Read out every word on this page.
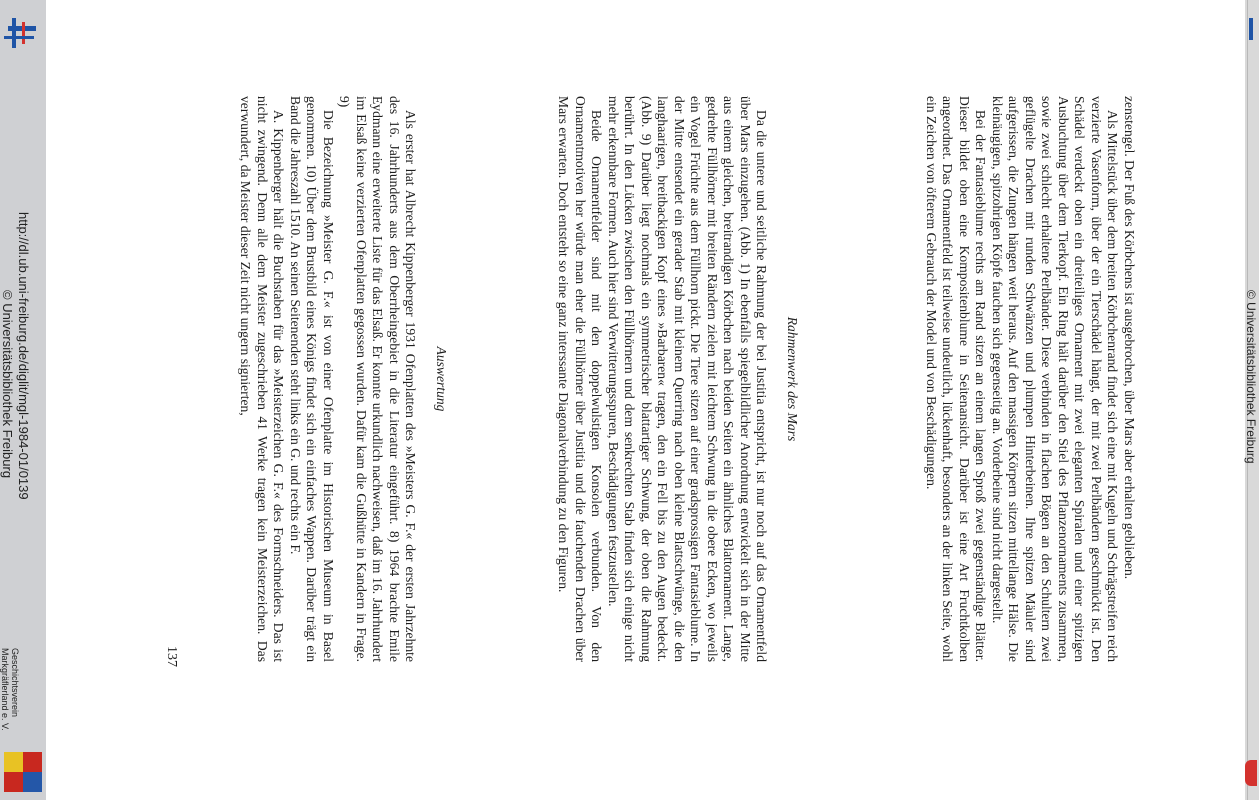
http://dl.ub.uni-freiburg.de/diglit/mgl-1984-01/0139
© Universitätsbibliothek Freiburg
Geschichtsverein
Markgräflerland e. V.

zenstengel. Der Fuß des Körbchens ist ausgebrochen, über Mars aber erhalten geblieben.

Als Mittelstück über dem breiten Körbchenrand findet sich eine mit Kugeln und Schrägstreifen reich verzierte Vasenform, über der ein Tierschädel hängt, der mit zwei Perlbändern geschmückt ist. Den Schädel verdeckt oben ein dreiteiliges Ornament mit zwei eleganten Spiralen und einer spitzigen Ausbuchtung über dem Tierkopf. Ein Ring hält darüber den Stiel des Pflanzenornaments zusammen, sowie zwei schlecht erhaltene Perlbänder. Diese verbinden in flachen Bögen an den Schultern zwei geflügelte Drachen mit runden Schwänzen und plumpen Hinterbeinen. Ihre spitzen Mäuler sind aufgerissen, die Zungen hängen weit heraus. Auf den massigen Körpern sitzen mittellange Hälse. Die kleinäugigen, spitzohrigen Köpfe fauchen sich gegenseitig an. Vorderbeine sind nicht dargestellt.

Bei der Fantasieblume rechts am Rand sitzen an einem langen Sproß zwei gegenständige Blätter. Dieser bildet oben eine Kompositenblume in Seitenansicht. Darüber ist eine Art Fruchtkolben angeordnet. Das Ornamentfeld ist teilweise undeutlich, lückenhaft, besonders an der linken Seite, wohl ein Zeichen von öfterem Gebrauch der Model und von Beschädigungen.

Rahmenwerk des Mars

Da die untere und seitliche Rahmung der bei Justitia entspricht, ist nur noch auf das Ornamentfeld über Mars einzugehen. (Abb. 1) In ebenfalls spiegelbildlicher Anordnung entwickelt sich in der Mitte aus einem gleichen, breitrandigen Körbchen nach beiden Seiten ein ähnliches Blattornament. Lange, gedrehte Füllhörner mit breiten Rändern zielen mit leichtem Schwung in die obere Ecken, wo jeweils ein Vogel Früchte aus dem Füllhorn pickt. Die Tiere sitzen auf einer gradsprossigen Fantasieblume. In der Mitte entsendet ein gerader Stab mit kleinem Querring nach oben kleine Blattschwünge, die den langhaarigen, breitbackigen Kopf eines »Barbaren« tragen, den ein Fell bis zu den Augen bedeckt. (Abb. 9) Darüber liegt nochmals ein symmetrischer blattartiger Schwung, der oben die Rahmung berührt. In den Lücken zwischen den Füllhörnern und dem senkrechten Stab finden sich einige nicht mehr erkennbare Formen. Auch hier sind Verwitterungsspuren, Beschädigungen festzustellen.

Beide Ornamentfelder sind mit den doppelwulstigen Konsolen verbunden. Von den Ornamentmotiven her würde man eher die Füllhörner über Justitia und die fauchenden Drachen über Mars erwarten. Doch entsteht so eine ganz interssante Diagonalverbindung zu den Figuren.

Auswertung

Als erster hat Albrecht Kippenberger 1931 Ofenplatten des »Meisters G. F.« der ersten Jahrzehnte des 16. Jahrhunderts aus dem Oberrheingebiet in die Literatur eingeführt. 8) 1964 brachte Emile Eydmann eine erweiterte Liste für das Elsaß. Er konnte urkundlich nachweisen, daß im 16. Jahrhundert im Elsaß keine verzierten Ofenplatten gegossen wurden. Dafür kam die Gußhütte in Kandern in Frage. 9)

Die Bezeichnung »Meister G. F.« ist von einer Ofenplatte im Historischen Museum in Basel genommen. 10) Über dem Brustbild eines Königs findet sich ein einfaches Wappen. Darüber trägt ein Band die Jahreszahl 1510. An seinen Seitenenden steht links ein G. und rechts ein F.

A. Kippenberger hält die Buchstaben für das »Meisterzeichen G. F.« des Formschneiders. Das ist nicht zwingend. Denn alle dem Meister zugeschrieben 41 Werke tragen kein Meisterzeichen. Das verwundert, da Meister dieser Zeit nicht ungern signierten,

137
© Universitätsbibliothek Freiburg
